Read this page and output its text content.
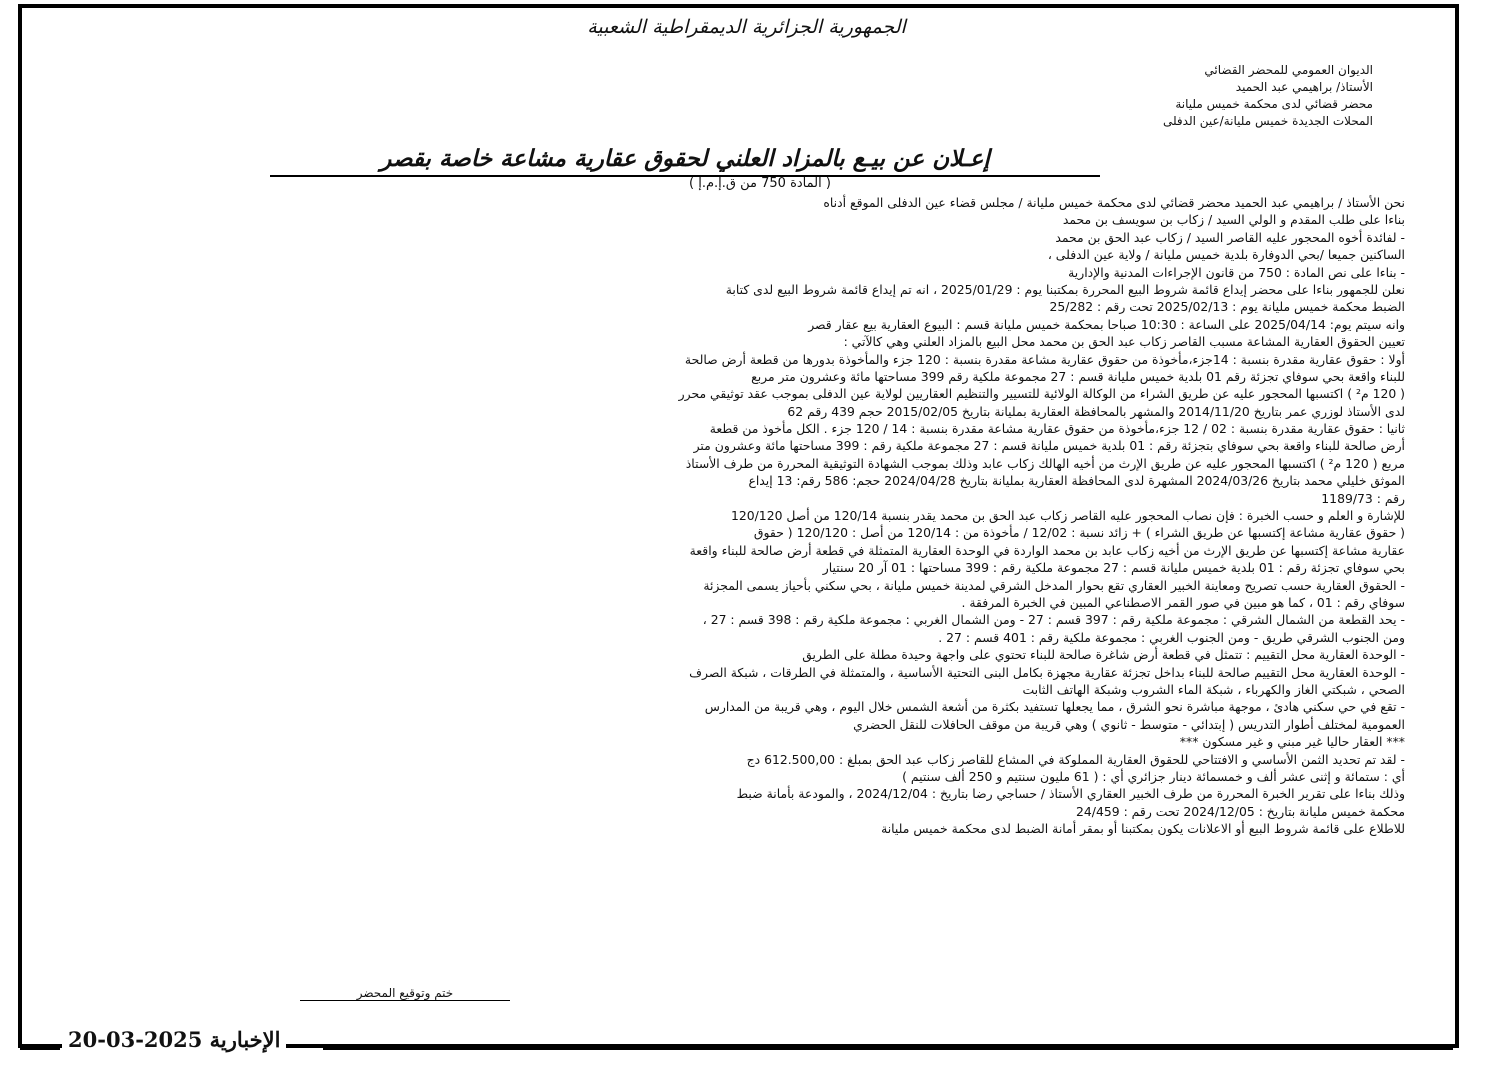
الجمهورية الجزائرية الديمقراطية الشعبية
الديوان العمومي للمحضر القضائي
الأستاذ/ براهيمي عبد الحميد
محضر قضائي لدى محكمة خميس مليانة
المحلات الجديدة خميس مليانة/عين الدفلى
إعـلان عن بيـع بالمزاد العلني لحقوق عقارية مشاعة خاصة بقصر
( المادة 750 من ق.إ.م.إ )
نحن الأستاذ / براهيمي عبد الحميد محضر قضائي لدى محكمة خميس مليانة / مجلس قضاء عين الدفلى الموقع أدناه
بناءا على طلب المقدم و الولي السيد / زكاب بن سويسف بن محمد
- لفائدة أخوه المحجور عليه القاصر السيد / زكاب عبد الحق بن محمد
الساكنين جميعا /بحي الدوفارة بلدية خميس مليانة / ولاية عين الدفلى ،
- بناءا على نص المادة : 750 من قانون الإجراءات المدنية والإدارية
نعلن للجمهور بناءا على محضر إيداع قائمة شروط البيع المحررة بمكتبنا يوم : 2025/01/29 ، انه تم إيداع قائمة شروط البيع لدى كتابة
الضبط محكمة خميس مليانة يوم : 2025/02/13 تحت رقم : 25/282
وانه سيتم يوم: 2025/04/14 على الساعة : 10:30 صباحا بمحكمة خميس مليانة قسم : البيوع العقارية بيع عقار قصر
تعيين الحقوق العقارية المشاعة مسبب القاصر زكاب عبد الحق بن محمد محل البيع بالمزاد العلني وهي كالآتي :
أولا : حقوق عقارية مقدرة بنسبة : 14جزء،مأخوذة من حقوق عقارية مشاعة مقدرة بنسبة : 120 جزء والمأخوذة بدورها من قطعة أرض صالحة
للبناء واقعة بحي سوفاي تجزئة رقم 01 بلدية خميس مليانة قسم : 27 مجموعة ملكية رقم 399 مساحتها مائة وعشرون متر مربع
( 120 م² ) اكتسبها المحجور عليه عن طريق الشراء من الوكالة الولائية للتسيير والتنظيم العقاريين لولاية عين الدفلى بموجب عقد توثيقي محرر
لدى الأستاذ لوزري عمر بتاريخ 2014/11/20 والمشهر بالمحافظة العقارية بمليانة بتاريخ 2015/02/05 حجم 439 رقم 62
ثانيا : حقوق عقارية مقدرة بنسبة : 02 / 12 جزء،مأخوذة من حقوق عقارية مشاعة مقدرة بنسبة : 14 / 120 جزء . الكل مأخوذ من قطعة
أرض صالحة للبناء واقعة بحي سوفاي بتجزئة رقم : 01 بلدية خميس مليانة قسم : 27 مجموعة ملكية رقم : 399 مساحتها مائة وعشرون متر
مربع ( 120 م² ) اكتسبها المحجور عليه عن طريق الإرث من أخيه الهالك زكاب عابد وذلك بموجب الشهادة التوثيقية المحررة من طرف الأستاذ
الموثق خليلي محمد بتاريخ 2024/03/26 المشهرة لدى المحافظة العقارية بمليانة بتاريخ 2024/04/28 حجم: 586 رقم: 13 إيداع
رقم : 1189/73
للإشارة و العلم و حسب الخبرة : فإن نصاب المحجور عليه القاصر زكاب عبد الحق بن محمد يقدر بنسبة 120/14 من أصل 120/120
( حقوق عقارية مشاعة إكتسبها عن طريق الشراء ) + زائد نسبة : 12/02 / مأخوذة من : 120/14 من أصل : 120/120 ( حقوق
عقارية مشاعة إكتسبها عن طريق الإرث من أخيه زكاب عابد بن محمد الواردة في الوحدة العقارية المتمثلة في قطعة أرض صالحة للبناء واقعة
بحي سوفاي تجزئة رقم : 01 بلدية خميس مليانة قسم : 27 مجموعة ملكية رقم : 399 مساحتها : 01 آر 20 سنتيار
- الحقوق العقارية حسب تصريح ومعاينة الخبير العقاري تقع بحوار المدخل الشرقي لمدينة خميس مليانة ، بحي سكني بأحياز يسمى المجزئة
سوفاي رقم : 01 ، كما هو مبين في صور القمر الاصطناعي المبين في الخبرة المرفقة .
- يحد القطعة من الشمال الشرقي : مجموعة ملكية رقم : 397 قسم : 27 - ومن الشمال الغربي : مجموعة ملكية رقم : 398 قسم : 27 ،
ومن الجنوب الشرقي طريق - ومن الجنوب الغربي : مجموعة ملكية رقم : 401 قسم : 27 .
- الوحدة العقارية محل التقييم : تتمثل في قطعة أرض شاغرة صالحة للبناء تحتوي على واجهة وحيدة مطلة على الطريق
- الوحدة العقارية محل التقييم صالحة للبناء بداخل تجزئة عقارية مجهزة بكامل البنى التحتية الأساسية ، والمتمثلة في الطرقات ، شبكة الصرف
الصحي ، شبكتي الغاز والكهرباء ، شبكة الماء الشروب وشبكة الهاتف الثابت
- تقع في حي سكني هادئ ، موجهة مباشرة نحو الشرق ، مما يجعلها تستفيد بكثرة من أشعة الشمس خلال اليوم ، وهي قريبة من المدارس
العمومية لمختلف أطوار التدريس ( إبتدائي - متوسط - ثانوي ) وهي قريبة من موقف الحافلات للنقل الحضري
*** العقار حاليا غير مبني و غير مسكون ***
- لقد تم تحديد الثمن الأساسي و الافتتاحي للحقوق العقارية المملوكة في المشاع للقاصر زكاب عبد الحق بمبلغ : 612.500,00 دج
أي : ستمائة و إثنى عشر ألف و خمسمائة دينار جزائري أي : ( 61 مليون سنتيم و 250 ألف سنتيم )
وذلك بناءا على تقرير الخبرة المحررة من طرف الخبير العقاري الأستاذ / حساجي رضا بتاريخ : 2024/12/04 ، والمودعة بأمانة ضبط
محكمة خميس مليانة بتاريخ : 2024/12/05 تحت رقم : 24/459
للاطلاع على قائمة شروط البيع أو الاعلانات يكون بمكتبنا أو بمقر أمانة الضبط لدى محكمة خميس مليانة
ختم وتوقيع المحضر
الإخبارية 2025-03-20
